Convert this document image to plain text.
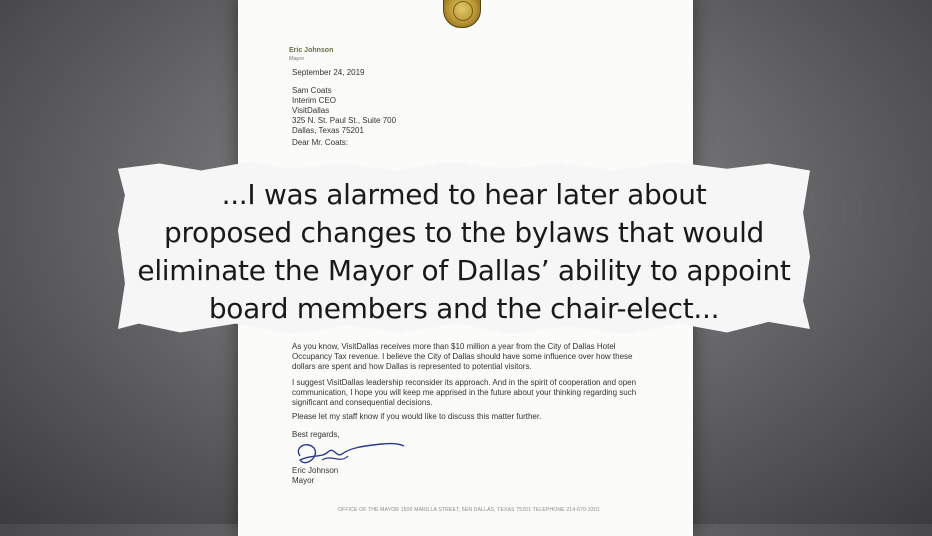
Eric Johnson
Mayor
September 24, 2019
Sam Coats
Interim CEO
VisitDallas
325 N. St. Paul St., Suite 700
Dallas, Texas 75201
Dear Mr. Coats:
As you know, VisitDallas receives more than $10 million a year from the City of Dallas Hotel Occupancy Tax revenue. I believe the City of Dallas should have some influence over how these dollars are spent and how Dallas is represented to potential visitors.
I suggest VisitDallas leadership reconsider its approach. And in the spirit of cooperation and open communication, I hope you will keep me apprised in the future about your thinking regarding such significant and consequential decisions.
Please let my staff know if you would like to discuss this matter further.
Best regards,
Eric Johnson
Mayor
OFFICE OF THE MAYOR 1500 MARILLA STREET, 5EN DALLAS, TEXAS 75201 TELEPHONE 214-670-3301
...I was alarmed to hear later about
proposed changes to the bylaws that would
eliminate the Mayor of Dallas’ ability to appoint
board members and the chair-elect...
